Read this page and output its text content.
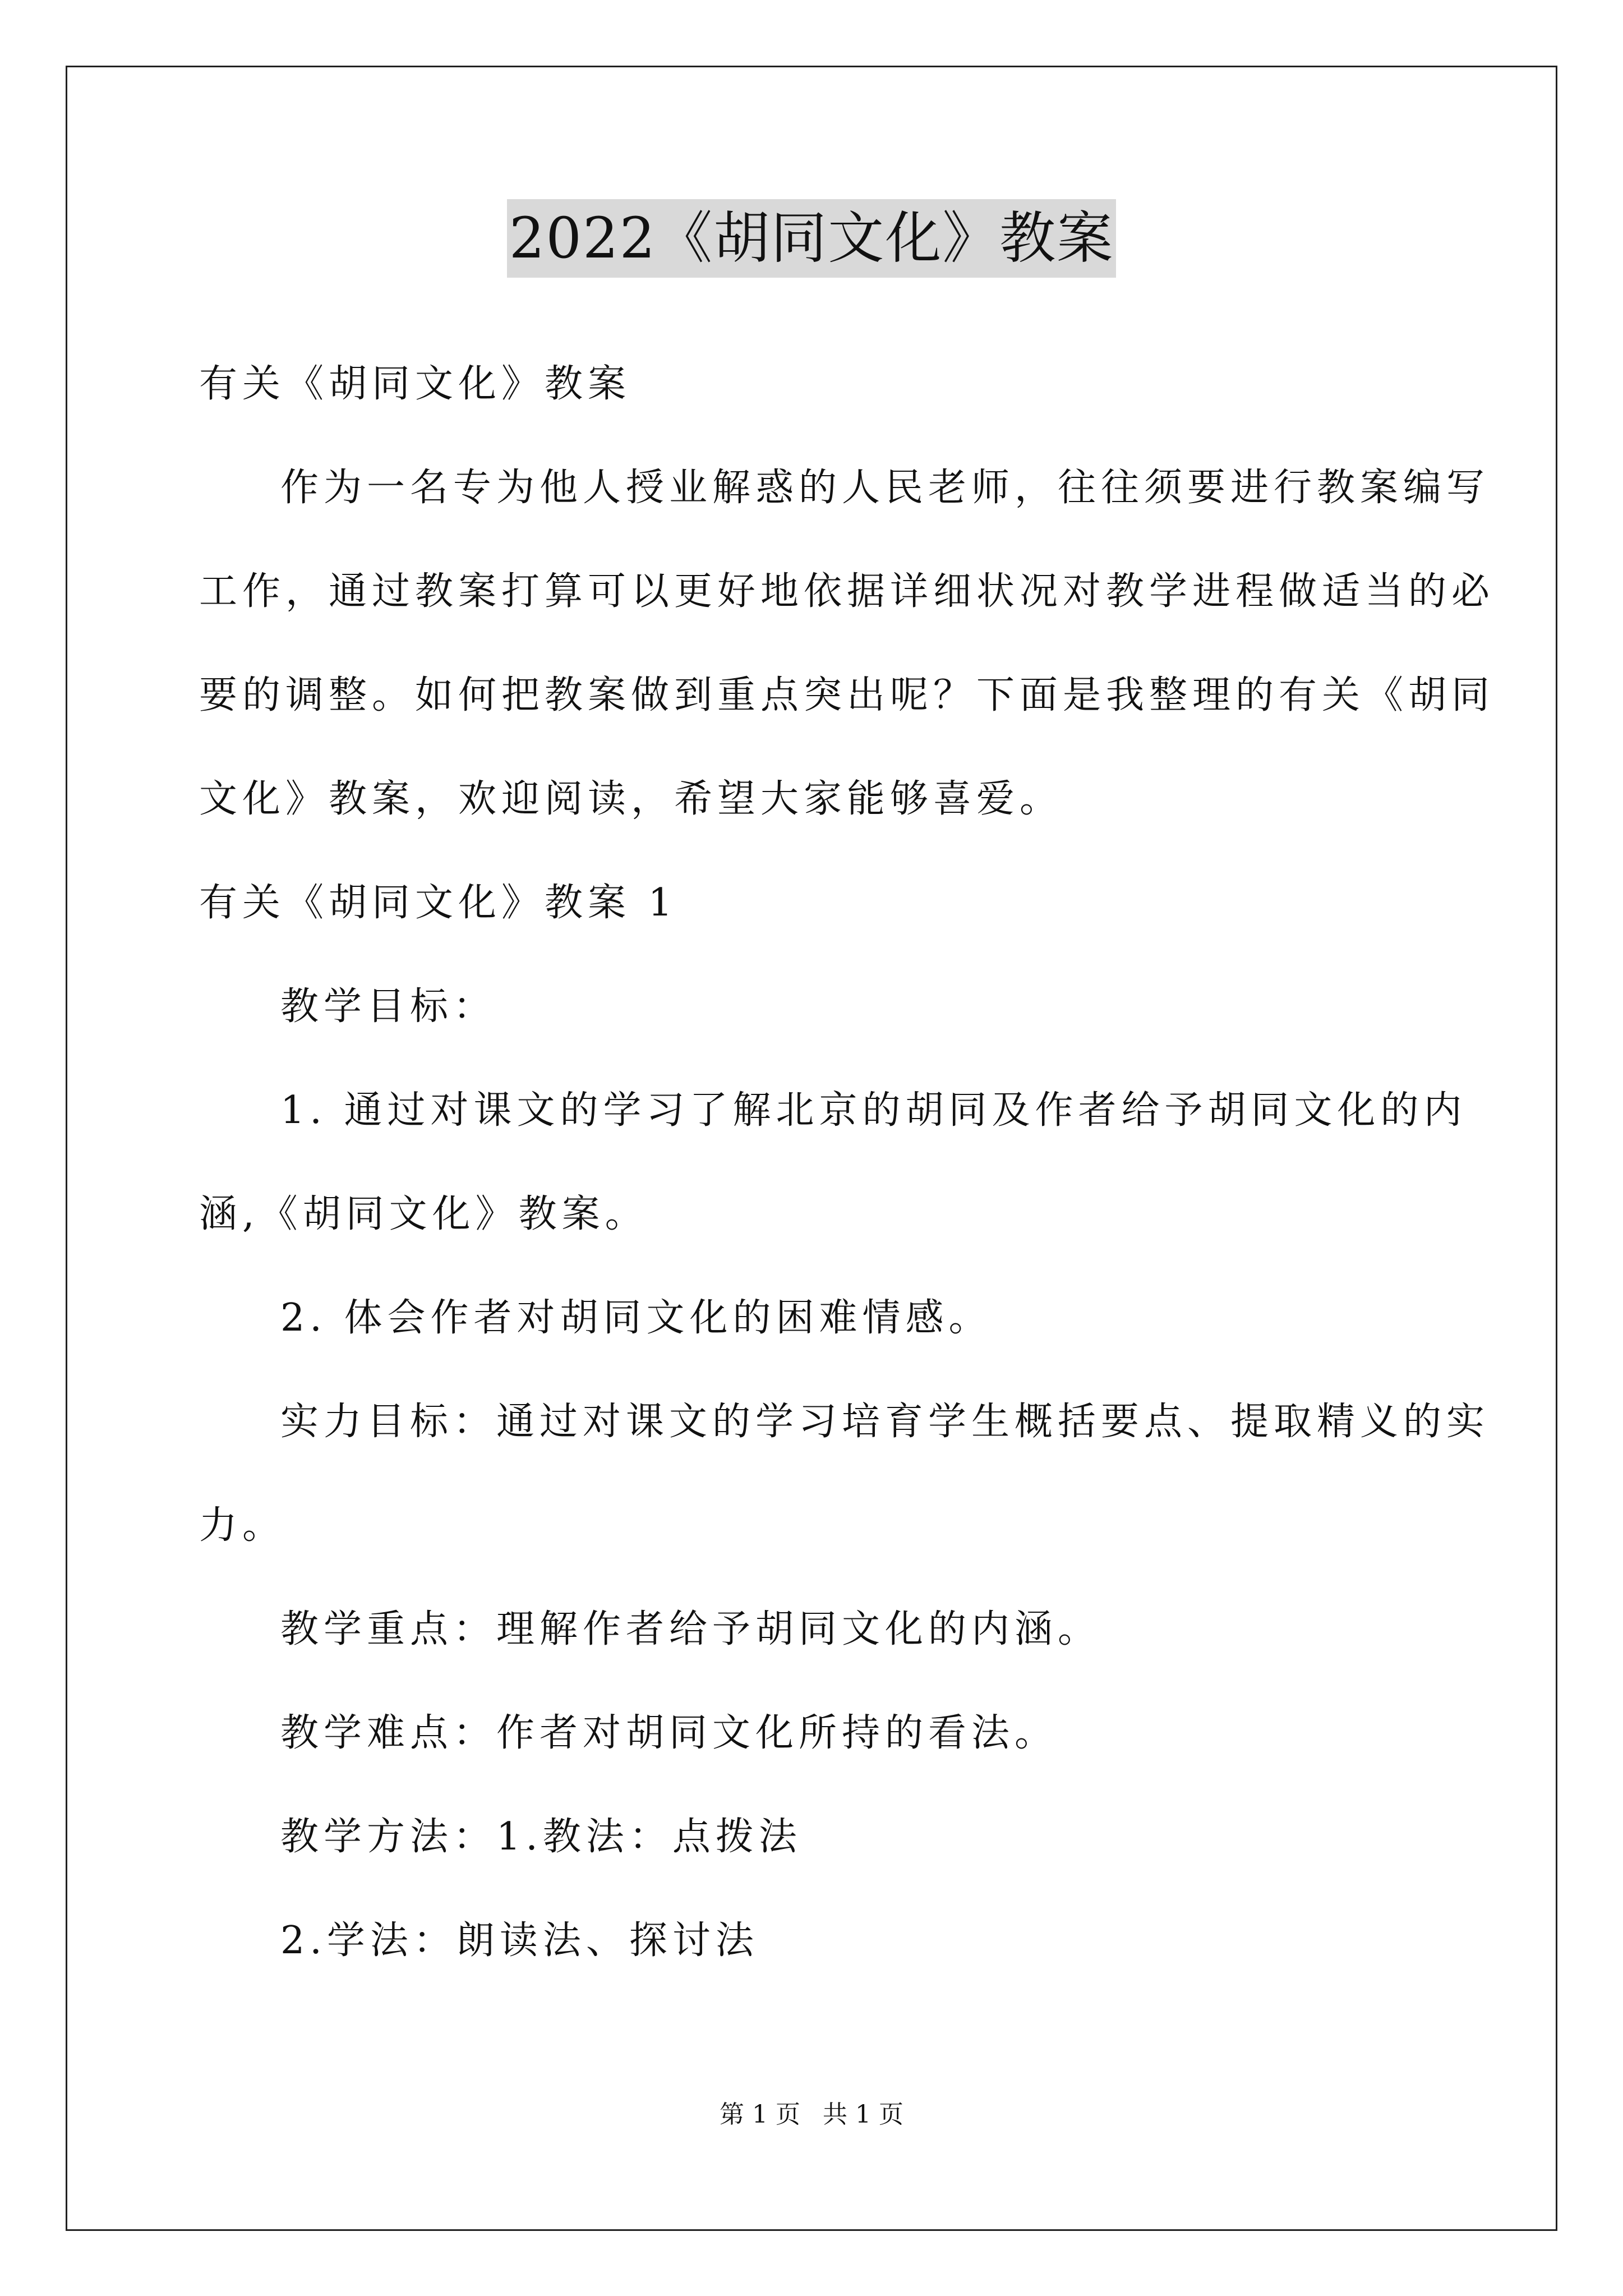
2022《胡同文化》教案
有关《胡同文化》教案
作为一名专为他人授业解惑的人民老师，往往须要进行教案编写
工作，通过教案打算可以更好地依据详细状况对教学进程做适当的必
要的调整。如何把教案做到重点突出呢？下面是我整理的有关《胡同
文化》教案，欢迎阅读，希望大家能够喜爱。
有关《胡同文化》教案 1
教学目标：
1. 通过对课文的学习了解北京的胡同及作者给予胡同文化的内
涵,《胡同文化》教案。
2. 体会作者对胡同文化的困难情感。
实力目标：通过对课文的学习培育学生概括要点、提取精义的实
力。
教学重点：理解作者给予胡同文化的内涵。
教学难点：作者对胡同文化所持的看法。
教学方法：1.教法：点拨法
2.学法：朗读法、探讨法
第 1 页 共 1 页
